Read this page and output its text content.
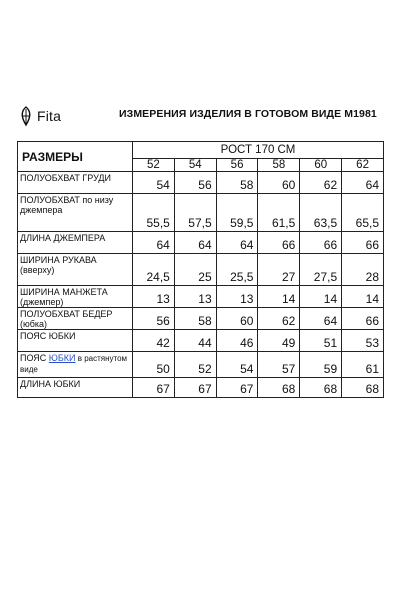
Fita	ИЗМЕРЕНИЯ ИЗДЕЛИЯ В ГОТОВОМ ВИДЕ М1981
РАЗМЕРЫ	РОСТ 170 СМ					
	52	54	56	58	60	62
ПОЛУОБХВАТ ГРУДИ	54	56	58	60	62	64
ПОЛУОБХВАТ по низу джемпера	55,5	57,5	59,5	61,5	63,5	65,5
ДЛИНА ДЖЕМПЕРА	64	64	64	66	66	66
ШИРИНА РУКАВА (вверху)	24,5	25	25,5	27	27,5	28
ШИРИНА МАНЖЕТА (джемпер)	13	13	13	14	14	14
ПОЛУОБХВАТ БЕДЕР (юбка)	56	58	60	62	64	66
ПОЯС ЮБКИ	42	44	46	49	51	53
ПОЯС ЮБКИ в растянутом виде	50	52	54	57	59	61
ДЛИНА ЮБКИ	67	67	67	68	68	68
